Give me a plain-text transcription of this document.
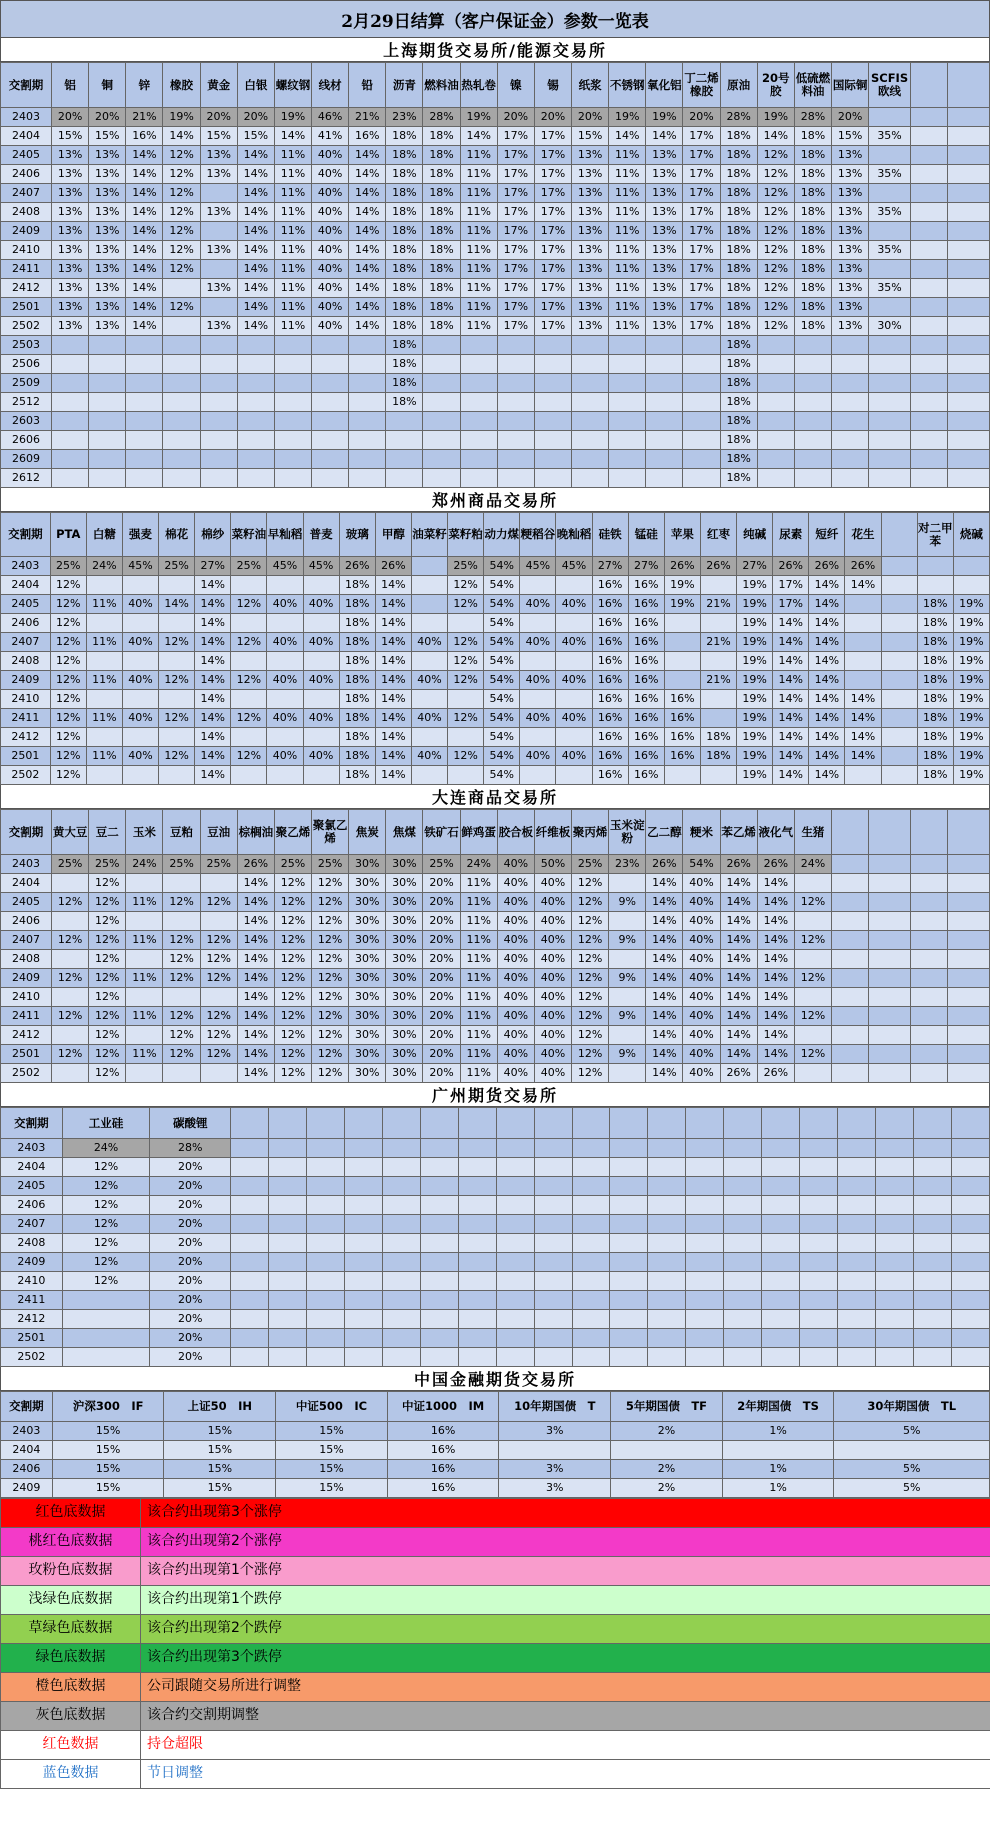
2月29日结算（客户保证金）参数一览表
上海期货交易所/能源交易所
交割期	铝	铜	锌	橡胶	黄金	白银	螺纹钢	线材	铅	沥青	燃料油	热轧卷	镍	锡	纸浆	不锈钢	氧化铝	丁二烯橡胶	原油	20号胶	低硫燃料油	国际铜	SCFIS欧线		
2403	20%	20%	21%	19%	20%	20%	19%	46%	21%	23%	28%	19%	20%	20%	20%	19%	19%	20%	28%	19%	28%	20%			
2404	15%	15%	16%	14%	15%	15%	14%	41%	16%	18%	18%	14%	17%	17%	15%	14%	14%	17%	18%	14%	18%	15%	35%		
2405	13%	13%	14%	12%	13%	14%	11%	40%	14%	18%	18%	11%	17%	17%	13%	11%	13%	17%	18%	12%	18%	13%			
2406	13%	13%	14%	12%	13%	14%	11%	40%	14%	18%	18%	11%	17%	17%	13%	11%	13%	17%	18%	12%	18%	13%	35%		
2407	13%	13%	14%	12%		14%	11%	40%	14%	18%	18%	11%	17%	17%	13%	11%	13%	17%	18%	12%	18%	13%			
2408	13%	13%	14%	12%	13%	14%	11%	40%	14%	18%	18%	11%	17%	17%	13%	11%	13%	17%	18%	12%	18%	13%	35%		
2409	13%	13%	14%	12%		14%	11%	40%	14%	18%	18%	11%	17%	17%	13%	11%	13%	17%	18%	12%	18%	13%			
2410	13%	13%	14%	12%	13%	14%	11%	40%	14%	18%	18%	11%	17%	17%	13%	11%	13%	17%	18%	12%	18%	13%	35%		
2411	13%	13%	14%	12%		14%	11%	40%	14%	18%	18%	11%	17%	17%	13%	11%	13%	17%	18%	12%	18%	13%			
2412	13%	13%	14%		13%	14%	11%	40%	14%	18%	18%	11%	17%	17%	13%	11%	13%	17%	18%	12%	18%	13%	35%		
2501	13%	13%	14%	12%		14%	11%	40%	14%	18%	18%	11%	17%	17%	13%	11%	13%	17%	18%	12%	18%	13%			
2502	13%	13%	14%		13%	14%	11%	40%	14%	18%	18%	11%	17%	17%	13%	11%	13%	17%	18%	12%	18%	13%	30%		
2503										18%									18%						
2506										18%									18%						
2509										18%									18%						
2512										18%									18%						
2603																			18%						
2606																			18%						
2609																			18%						
2612																			18%						
郑州商品交易所
交割期	PTA	白糖	强麦	棉花	棉纱	菜籽油	早籼稻	普麦	玻璃	甲醇	油菜籽	菜籽粕	动力煤	粳稻谷	晚籼稻	硅铁	锰硅	苹果	红枣	纯碱	尿素	短纤	花生		对二甲苯	烧碱
2403	25%	24%	45%	25%	27%	25%	45%	45%	26%	26%		25%	54%	45%	45%	27%	27%	26%	26%	27%	26%	26%	26%			
2404	12%				14%				18%	14%		12%	54%			16%	16%	19%		19%	17%	14%	14%			
2405	12%	11%	40%	14%	14%	12%	40%	40%	18%	14%		12%	54%	40%	40%	16%	16%	19%	21%	19%	17%	14%			18%	19%
2406	12%				14%				18%	14%			54%			16%	16%			19%	14%	14%			18%	19%
2407	12%	11%	40%	12%	14%	12%	40%	40%	18%	14%	40%	12%	54%	40%	40%	16%	16%		21%	19%	14%	14%			18%	19%
2408	12%				14%				18%	14%		12%	54%			16%	16%			19%	14%	14%			18%	19%
2409	12%	11%	40%	12%	14%	12%	40%	40%	18%	14%	40%	12%	54%	40%	40%	16%	16%		21%	19%	14%	14%			18%	19%
2410	12%				14%				18%	14%			54%			16%	16%	16%		19%	14%	14%	14%		18%	19%
2411	12%	11%	40%	12%	14%	12%	40%	40%	18%	14%	40%	12%	54%	40%	40%	16%	16%	16%		19%	14%	14%	14%		18%	19%
2412	12%				14%				18%	14%			54%			16%	16%	16%	18%	19%	14%	14%	14%		18%	19%
2501	12%	11%	40%	12%	14%	12%	40%	40%	18%	14%	40%	12%	54%	40%	40%	16%	16%	16%	18%	19%	14%	14%	14%		18%	19%
2502	12%				14%				18%	14%			54%			16%	16%			19%	14%	14%			18%	19%
大连商品交易所
交割期	黄大豆	豆二	玉米	豆粕	豆油	棕榈油	聚乙烯	聚氯乙烯	焦炭	焦煤	铁矿石	鲜鸡蛋	胶合板	纤维板	聚丙烯	玉米淀粉	乙二醇	粳米	苯乙烯	液化气	生猪				
2403	25%	25%	24%	25%	25%	26%	25%	25%	30%	30%	25%	24%	40%	50%	25%	23%	26%	54%	26%	26%	24%				
2404		12%				14%	12%	12%	30%	30%	20%	11%	40%	40%	12%		14%	40%	14%	14%					
2405	12%	12%	11%	12%	12%	14%	12%	12%	30%	30%	20%	11%	40%	40%	12%	9%	14%	40%	14%	14%	12%				
2406		12%				14%	12%	12%	30%	30%	20%	11%	40%	40%	12%		14%	40%	14%	14%					
2407	12%	12%	11%	12%	12%	14%	12%	12%	30%	30%	20%	11%	40%	40%	12%	9%	14%	40%	14%	14%	12%				
2408		12%		12%	12%	14%	12%	12%	30%	30%	20%	11%	40%	40%	12%		14%	40%	14%	14%					
2409	12%	12%	11%	12%	12%	14%	12%	12%	30%	30%	20%	11%	40%	40%	12%	9%	14%	40%	14%	14%	12%				
2410		12%				14%	12%	12%	30%	30%	20%	11%	40%	40%	12%		14%	40%	14%	14%					
2411	12%	12%	11%	12%	12%	14%	12%	12%	30%	30%	20%	11%	40%	40%	12%	9%	14%	40%	14%	14%	12%				
2412		12%		12%	12%	14%	12%	12%	30%	30%	20%	11%	40%	40%	12%		14%	40%	14%	14%					
2501	12%	12%	11%	12%	12%	14%	12%	12%	30%	30%	20%	11%	40%	40%	12%	9%	14%	40%	14%	14%	12%				
2502		12%				14%	12%	12%	30%	30%	20%	11%	40%	40%	12%		14%	40%	26%	26%					
广州期货交易所
交割期	工业硅	碳酸锂																				
2403	24%	28%																				
2404	12%	20%																				
2405	12%	20%																				
2406	12%	20%																				
2407	12%	20%																				
2408	12%	20%																				
2409	12%	20%																				
2410	12%	20%																				
2411		20%																				
2412		20%																				
2501		20%																				
2502		20%																				
中国金融期货交易所
交割期	沪深300　IF	上证50　IH	中证500　IC	中证1000　IM	10年期国债　T	5年期国债　TF	2年期国债　TS	30年期国债　TL
2403	15%	15%	15%	16%	3%	2%	1%	5%
2404	15%	15%	15%	16%				
2406	15%	15%	15%	16%	3%	2%	1%	5%
2409	15%	15%	15%	16%	3%	2%	1%	5%
红色底数据	该合约出现第3个涨停
桃红色底数据	该合约出现第2个涨停
玫粉色底数据	该合约出现第1个涨停
浅绿色底数据	该合约出现第1个跌停
草绿色底数据	该合约出现第2个跌停
绿色底数据	该合约出现第3个跌停
橙色底数据	公司跟随交易所进行调整
灰色底数据	该合约交割期调整
红色数据	持仓超限
蓝色数据	节日调整
